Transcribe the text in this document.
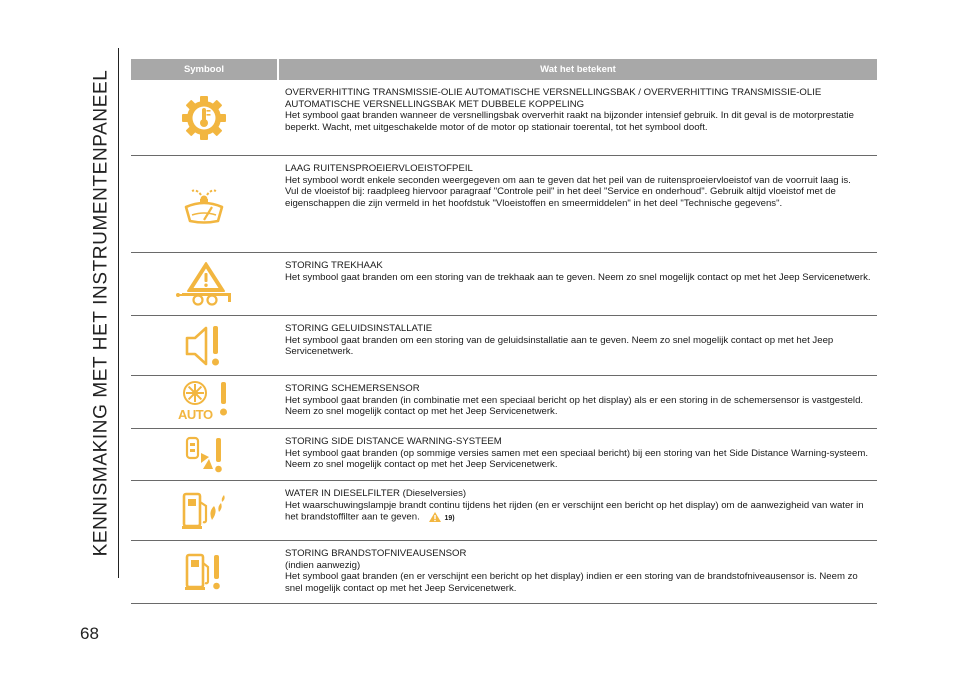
KENNISMAKING MET HET INSTRUMENTENPANEEL
68
Symbool	Wat het betekent

OVERVERHITTING TRANSMISSIE-OLIE AUTOMATISCHE VERSNELLINGSBAK / OVERVERHITTING TRANSMISSIE-OLIE AUTOMATISCHE VERSNELLINGSBAK MET DUBBELE KOPPELING

Het symbool gaat branden wanneer de versnellingsbak oververhit raakt na bijzonder intensief gebruik. In dit geval is de motorprestatie beperkt. Wacht, met uitgeschakelde motor of de motor op stationair toerental, tot het symbool dooft.

LAAG RUITENSPROEIERVLOEISTOFPEIL

Het symbool wordt enkele seconden weergegeven om aan te geven dat het peil van de ruitensproeiervloeistof van de voorruit laag is.

Vul de vloeistof bij: raadpleeg hiervoor paragraaf "Controle peil" in het deel "Service en onderhoud". Gebruik altijd vloeistof met de eigenschappen die zijn vermeld in het hoofdstuk "Vloeistoffen en smeermiddelen" in het deel "Technische gegevens".

STORING TREKHAAK

Het symbool gaat branden om een storing van de trekhaak aan te geven. Neem zo snel mogelijk contact op met het Jeep Servicenetwerk.

STORING GELUIDSINSTALLATIE

Het symbool gaat branden om een storing van de geluidsinstallatie aan te geven. Neem zo snel mogelijk contact op met het Jeep Servicenetwerk.

AUTO

STORING SCHEMERSENSOR

Het symbool gaat branden (in combinatie met een speciaal bericht op het display) als er een storing in de schemersensor is vastgesteld. Neem zo snel mogelijk contact op met het Jeep Servicenetwerk.

STORING SIDE DISTANCE WARNING-SYSTEEM

Het symbool gaat branden (op sommige versies samen met een speciaal bericht) bij een storing van het Side Distance Warning-systeem. Neem zo snel mogelijk contact op met het Jeep Servicenetwerk.

WATER IN DIESELFILTER (Dieselversies)

Het waarschuwingslampje brandt continu tijdens het rijden (en er verschijnt een bericht op het display) om de aanwezigheid van water in het brandstoffilter aan te geven.	19)

STORING BRANDSTOFNIVEAUSENSOR

(indien aanwezig)

Het symbool gaat branden (en er verschijnt een bericht op het display) indien er een storing van de brandstofniveausensor is. Neem zo snel mogelijk contact op met het Jeep Servicenetwerk.
